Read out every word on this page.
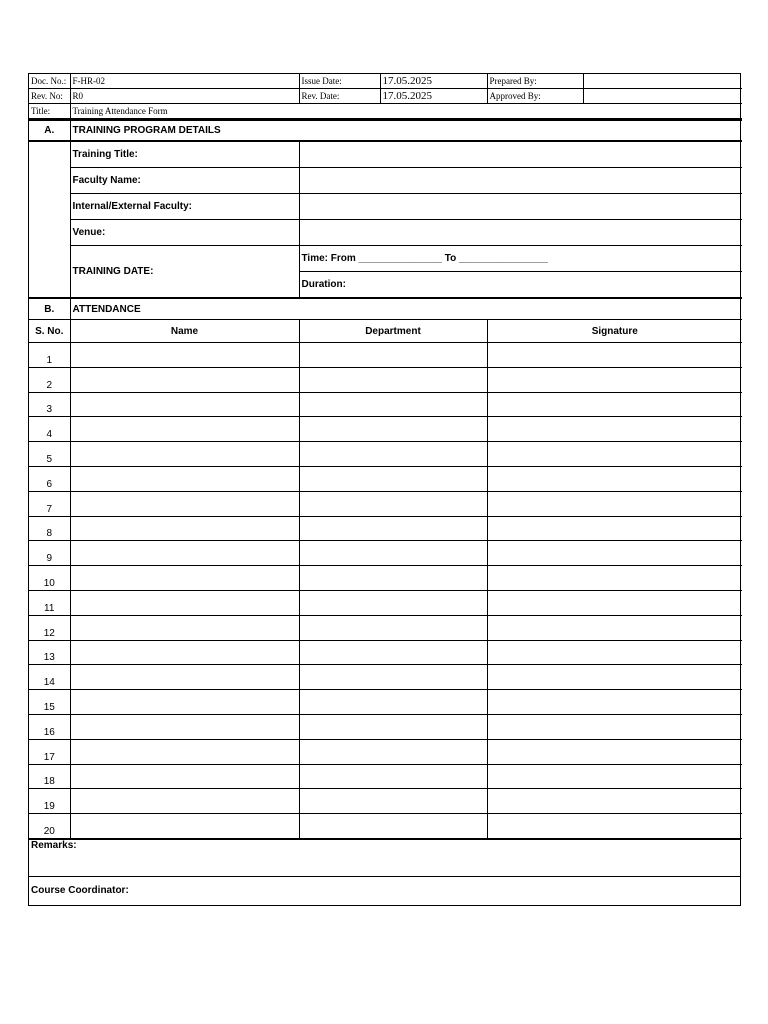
Doc. No.:	F-HR-02	Issue Date:	17.05.2025	Prepared By:	
Rev. No:	R0	Rev. Date:	17.05.2025	Approved By:	
Title:	Training Attendance Form				
A.	TRAINING PROGRAM DETAILS	
	Training Title:	
	Faculty Name:	
	Internal/External Faculty:	
	Venue:	
	TRAINING DATE:	Time: From _______________ To ________________
		Duration:
B.	ATTENDANCE		
S. No.	Name	Department	Signature
1			
2			
3			
4			
5			
6			
7			
8			
9			
10			
11			
12			
13			
14			
15			
16			
17			
18			
19			
20			
Remarks:
Course Coordinator:
